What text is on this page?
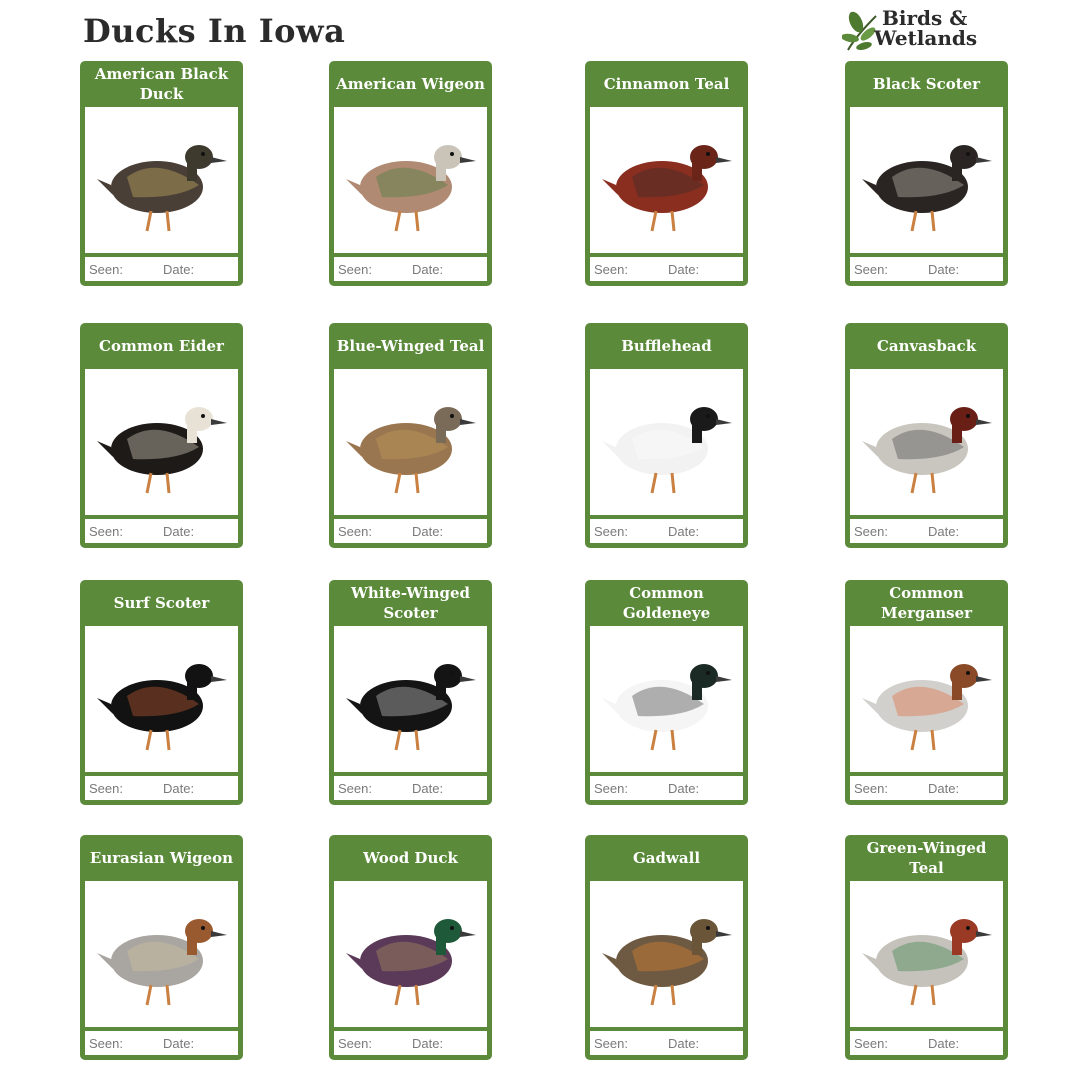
Ducks In Iowa	Birds &
Wetlands
American Black Duck
Seen:	Date:
American Wigeon
Seen:	Date:
Cinnamon Teal
Seen:	Date:
Black Scoter
Seen:	Date:
Common Eider
Seen:	Date:
Blue-Winged Teal
Seen:	Date:
Bufflehead
Seen:	Date:
Canvasback
Seen:	Date:
Surf Scoter
Seen:	Date:
White-Winged Scoter
Seen:	Date:
Common Goldeneye
Seen:	Date:
Common Merganser
Seen:	Date:
Eurasian Wigeon
Seen:	Date:
Wood Duck
Seen:	Date:
Gadwall
Seen:	Date:
Green-Winged Teal
Seen:	Date:
